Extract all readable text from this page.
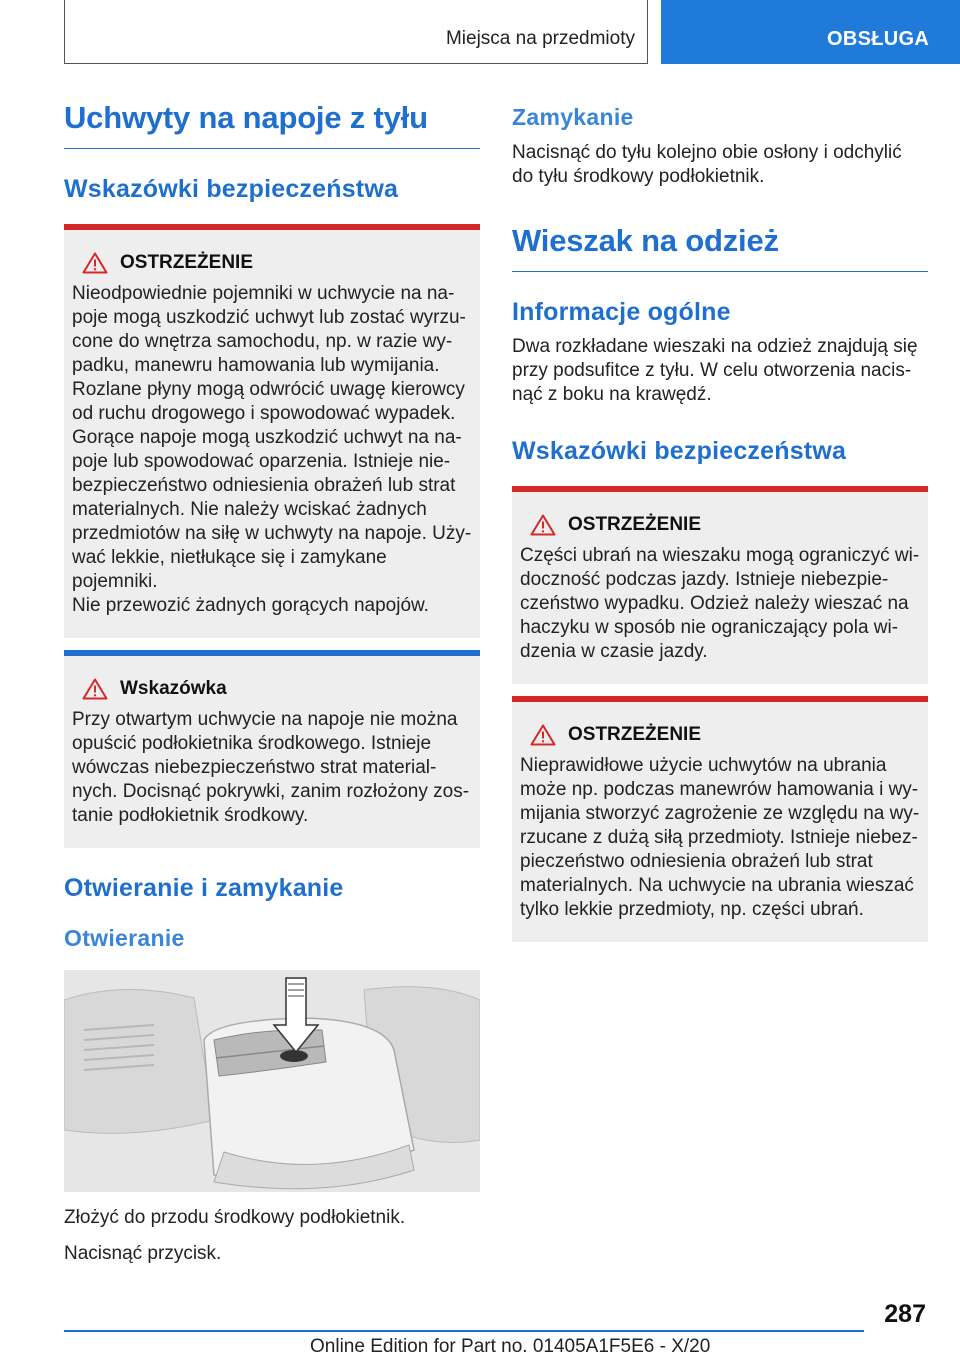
Miejsca na przedmioty	OBSŁUGA
Uchwyty na napoje z tyłu
Wskazówki bezpieczeństwa
OSTRZEŻENIE

Nieodpowiednie pojemniki w uchwycie na na-
poje mogą uszkodzić uchwyt lub zostać wyrzu-
cone do wnętrza samochodu, np. w razie wy-
padku, manewru hamowania lub wymijania.
Rozlane płyny mogą odwrócić uwagę kierowcy
od ruchu drogowego i spowodować wypadek.
Gorące napoje mogą uszkodzić uchwyt na na-
poje lub spowodować oparzenia. Istnieje nie-
bezpieczeństwo odniesienia obrażeń lub strat
materialnych. Nie należy wciskać żadnych
przedmiotów na siłę w uchwyty na napoje. Uży-
wać lekkie, nietłukące się i zamykane pojemniki.
Nie przewozić żadnych gorących napojów.

Wskazówka

Przy otwartym uchwycie na napoje nie można
opuścić podłokietnika środkowego. Istnieje
wówczas niebezpieczeństwo strat material-
nych. Docisnąć pokrywki, zanim rozłożony zos-
tanie podłokietnik środkowy.

Otwieranie i zamykanie
Otwieranie

Złożyć do przodu środkowy podłokietnik.

Nacisnąć przycisk.

Zamykanie

Nacisnąć do tyłu kolejno obie osłony i odchylić
do tyłu środkowy podłokietnik.

Wieszak na odzież
Informacje ogólne

Dwa rozkładane wieszaki na odzież znajdują się
przy podsufitce z tyłu. W celu otworzenia nacis-
nąć z boku na krawędź.

Wskazówki bezpieczeństwa
OSTRZEŻENIE

Części ubrań na wieszaku mogą ograniczyć wi-
doczność podczas jazdy. Istnieje niebezpie-
czeństwo wypadku. Odzież należy wieszać na
haczyku w sposób nie ograniczający pola wi-
dzenia w czasie jazdy.

OSTRZEŻENIE

Nieprawidłowe użycie uchwytów na ubrania
może np. podczas manewrów hamowania i wy-
mijania stworzyć zagrożenie ze względu na wy-
rzucane z dużą siłą przedmioty. Istnieje niebez-
pieczeństwo odniesienia obrażeń lub strat
materialnych. Na uchwycie na ubrania wieszać
tylko lekkie przedmioty, np. części ubrań.

287
Online Edition for Part no. 01405A1F5E6 - X/20
